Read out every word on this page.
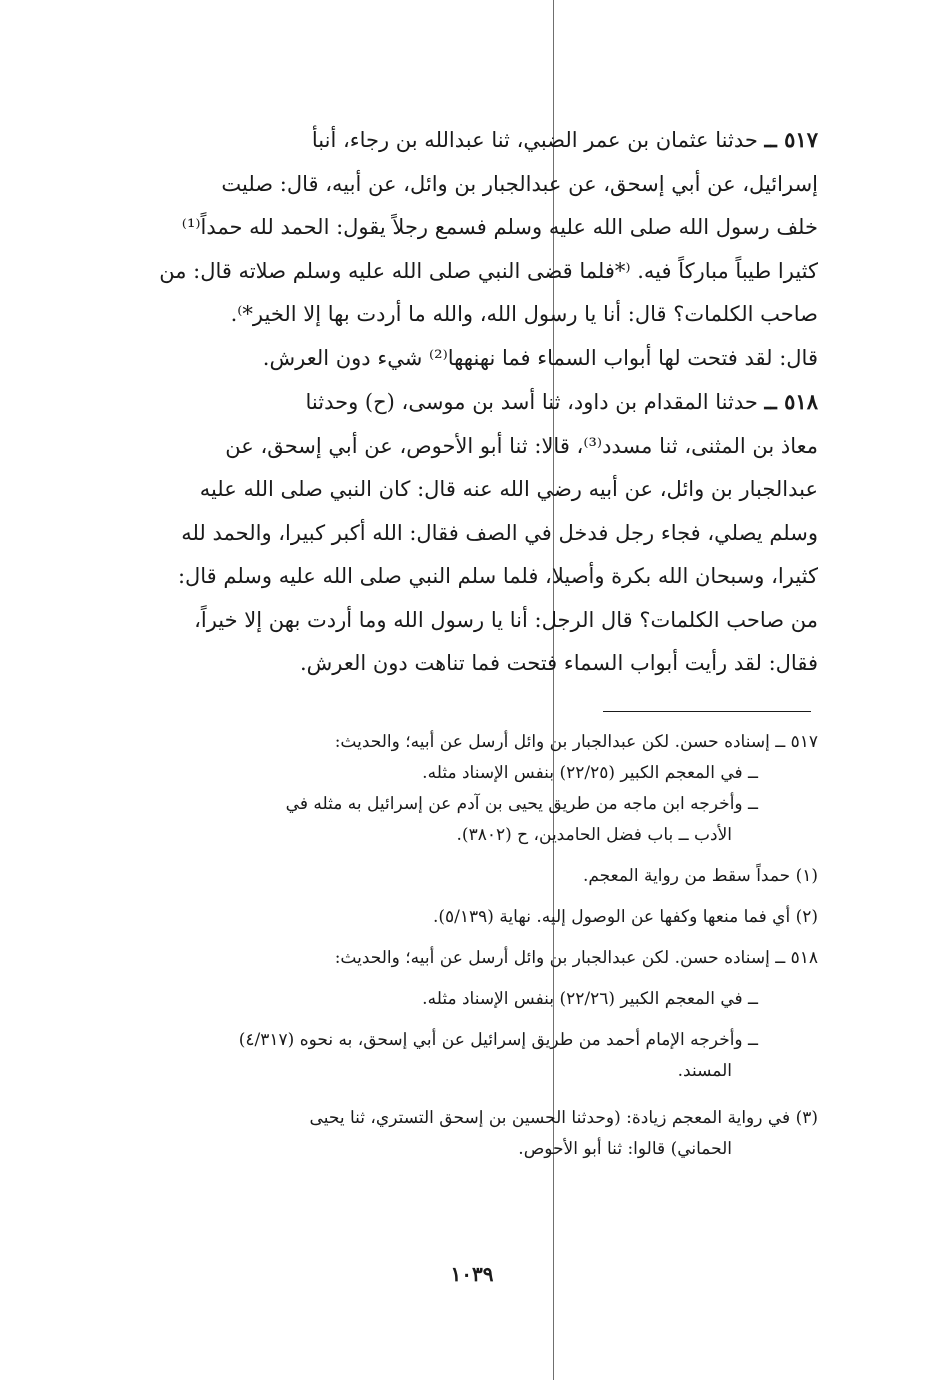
٥١٧ ــ حدثنا عثمان بن عمر الضبي، ثنا عبدالله بن رجاء، أنبأ
إسرائيل، عن أبي إسحق، عن عبدالجبار بن وائل، عن أبيه، قال: صليت
خلف رسول الله صلى الله عليه وسلم فسمع رجلاً يقول: الحمد لله حمداً⁽¹⁾
كثيرا طيباً مباركاً فيه. ⁽*فلما قضى النبي صلى الله عليه وسلم صلاته قال: من
صاحب الكلمات؟ قال: أنا يا رسول الله، والله ما أردت بها إلا الخير*⁾.
قال: لقد فتحت لها أبواب السماء فما نهنهها⁽²⁾ شيء دون العرش.

٥١٨ ــ حدثنا المقدام بن داود، ثنا أسد بن موسى، (ح) وحدثنا
معاذ بن المثنى، ثنا مسدد⁽³⁾، قالا: ثنا أبو الأحوص، عن أبي إسحق، عن
عبدالجبار بن وائل، عن أبيه رضي الله عنه قال: كان النبي صلى الله عليه
وسلم يصلي، فجاء رجل فدخل في الصف فقال: الله أكبر كبيرا، والحمد لله
كثيرا، وسبحان الله بكرة وأصيلا، فلما سلم النبي صلى الله عليه وسلم قال:
من صاحب الكلمات؟ قال الرجل: أنا يا رسول الله وما أردت بهن إلا خيراً،
فقال: لقد رأيت أبواب السماء فتحت فما تناهت دون العرش.

٥١٧ ــ إسناده حسن. لكن عبدالجبار بن وائل أرسل عن أبيه؛ والحديث:
ــ في المعجم الكبير (٢٢/٢٥) بنفس الإسناد مثله.
ــ وأخرجه ابن ماجه من طريق يحيى بن آدم عن إسرائيل به مثله في
الأدب ــ باب فضل الحامدين، ح (٣٨٠٢).
(١) حمداً سقط من رواية المعجم.
(٢) أي فما منعها وكفها عن الوصول إليه. نهاية (٥/١٣٩).
٥١٨ ــ إسناده حسن. لكن عبدالجبار بن وائل أرسل عن أبيه؛ والحديث:
ــ في المعجم الكبير (٢٢/٢٦) بنفس الإسناد مثله.
ــ وأخرجه الإمام أحمد من طريق إسرائيل عن أبي إسحق، به نحوه (٤/٣١٧)
المسند.
(٣) في رواية المعجم زيادة: (وحدثنا الحسين بن إسحق التستري، ثنا يحيى
الحماني) قالوا: ثنا أبو الأحوص.
١٠٣٩
